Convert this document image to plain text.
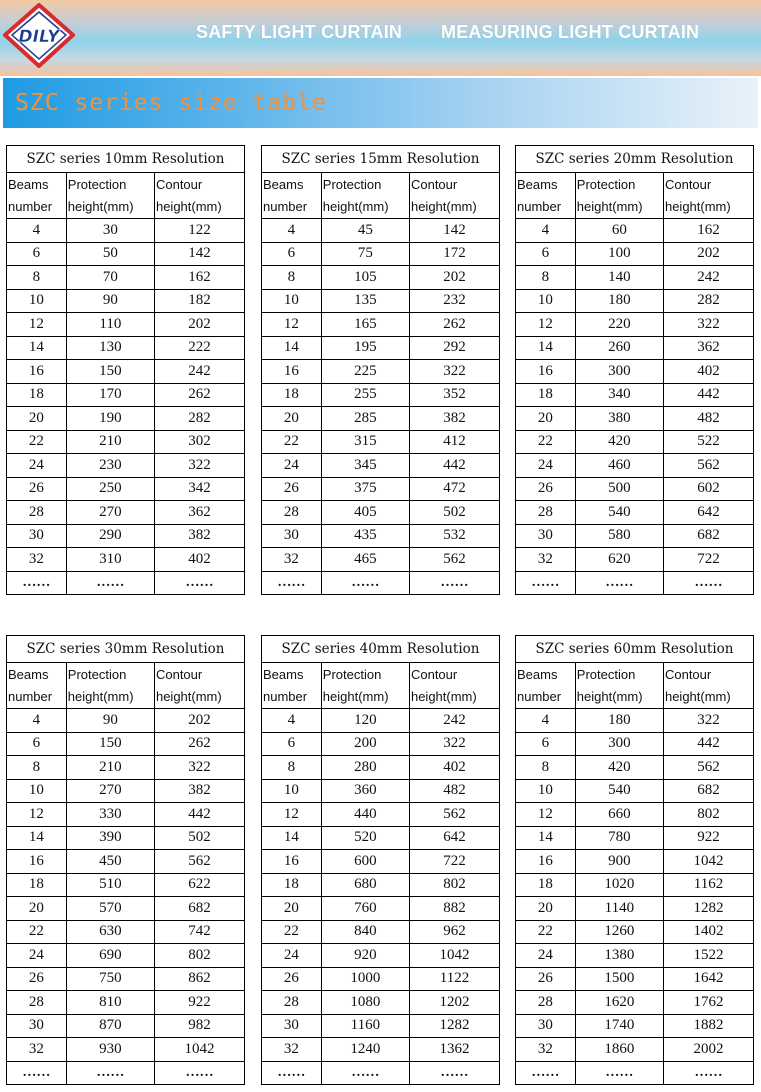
DILY	SAFTY LIGHT CURTAIN MEASURING LIGHT CURTAIN
SZC series size table
SZC series 10mm Resolution		
Beams	Protection	Contour
number	height(mm)	height(mm)
4	30	122
6	50	142
8	70	162
10	90	182
12	110	202
14	130	222
16	150	242
18	170	262
20	190	282
22	210	302
24	230	322
26	250	342
28	270	362
30	290	382
32	310	402
……	……	……
SZC series 15mm Resolution		
Beams	Protection	Contour
number	height(mm)	height(mm)
4	45	142
6	75	172
8	105	202
10	135	232
12	165	262
14	195	292
16	225	322
18	255	352
20	285	382
22	315	412
24	345	442
26	375	472
28	405	502
30	435	532
32	465	562
……	……	……
SZC series 20mm Resolution		
Beams	Protection	Contour
number	height(mm)	height(mm)
4	60	162
6	100	202
8	140	242
10	180	282
12	220	322
14	260	362
16	300	402
18	340	442
20	380	482
22	420	522
24	460	562
26	500	602
28	540	642
30	580	682
32	620	722
……	……	……
SZC series 30mm Resolution		
Beams	Protection	Contour
number	height(mm)	height(mm)
4	90	202
6	150	262
8	210	322
10	270	382
12	330	442
14	390	502
16	450	562
18	510	622
20	570	682
22	630	742
24	690	802
26	750	862
28	810	922
30	870	982
32	930	1042
……	……	……
SZC series 40mm Resolution		
Beams	Protection	Contour
number	height(mm)	height(mm)
4	120	242
6	200	322
8	280	402
10	360	482
12	440	562
14	520	642
16	600	722
18	680	802
20	760	882
22	840	962
24	920	1042
26	1000	1122
28	1080	1202
30	1160	1282
32	1240	1362
……	……	……
SZC series 60mm Resolution		
Beams	Protection	Contour
number	height(mm)	height(mm)
4	180	322
6	300	442
8	420	562
10	540	682
12	660	802
14	780	922
16	900	1042
18	1020	1162
20	1140	1282
22	1260	1402
24	1380	1522
26	1500	1642
28	1620	1762
30	1740	1882
32	1860	2002
……	……	……
